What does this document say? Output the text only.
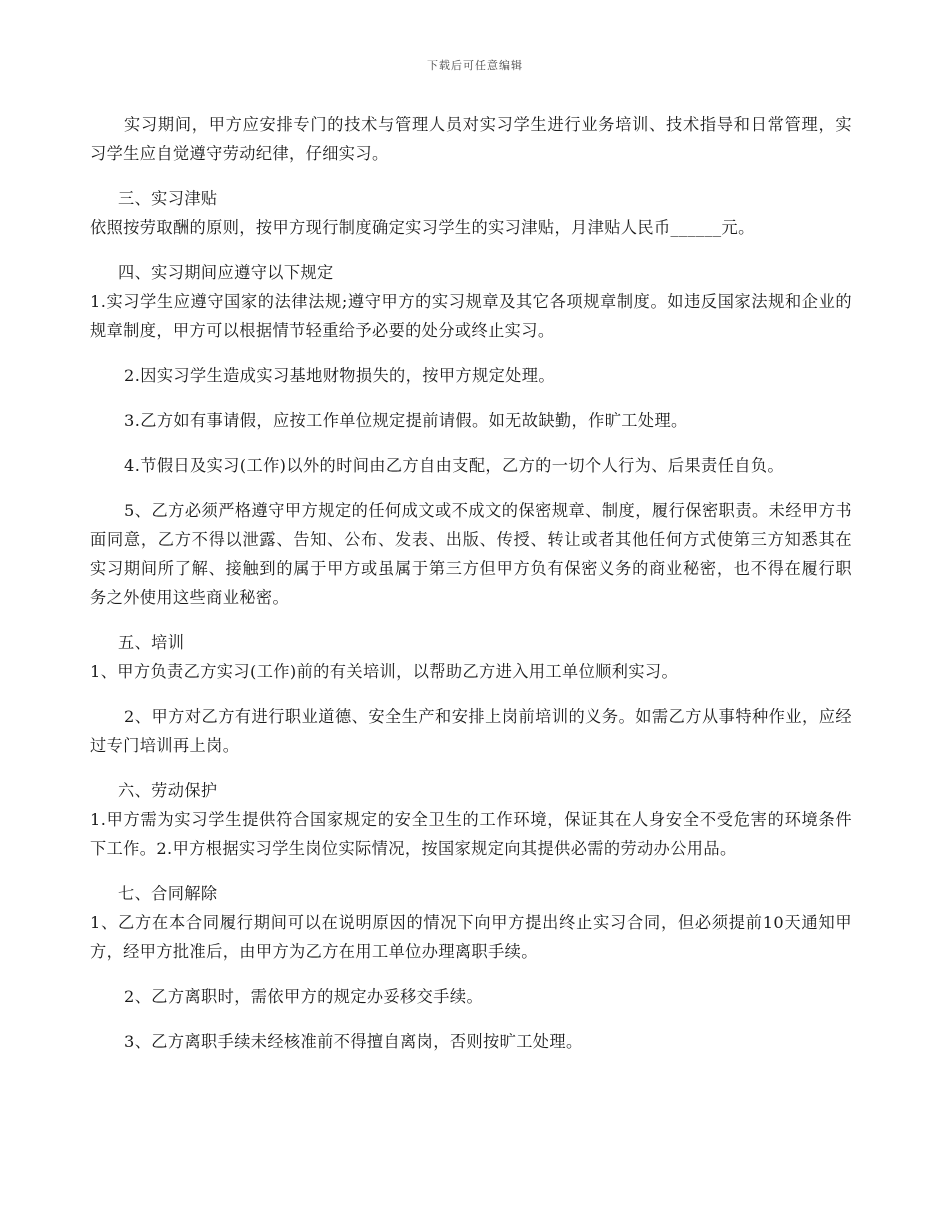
下载后可任意编辑

实习期间，甲方应安排专门的技术与管理人员对实习学生进行业务培训、技术指导和日常管理，实习学生应自觉遵守劳动纪律，仔细实习。

三、实习津贴

依照按劳取酬的原则，按甲方现行制度确定实习学生的实习津贴，月津贴人民币______元。

四、实习期间应遵守以下规定

1.实习学生应遵守国家的法律法规;遵守甲方的实习规章及其它各项规章制度。如违反国家法规和企业的规章制度，甲方可以根据情节轻重给予必要的处分或终止实习。

2.因实习学生造成实习基地财物损失的，按甲方规定处理。

3.乙方如有事请假，应按工作单位规定提前请假。如无故缺勤，作旷工处理。

4.节假日及实习(工作)以外的时间由乙方自由支配，乙方的一切个人行为、后果责任自负。

5、乙方必须严格遵守甲方规定的任何成文或不成文的保密规章、制度，履行保密职责。未经甲方书面同意，乙方不得以泄露、告知、公布、发表、出版、传授、转让或者其他任何方式使第三方知悉其在实习期间所了解、接触到的属于甲方或虽属于第三方但甲方负有保密义务的商业秘密，也不得在履行职务之外使用这些商业秘密。

五、培训

1、甲方负责乙方实习(工作)前的有关培训，以帮助乙方进入用工单位顺利实习。

2、甲方对乙方有进行职业道德、安全生产和安排上岗前培训的义务。如需乙方从事特种作业，应经过专门培训再上岗。

六、劳动保护

1.甲方需为实习学生提供符合国家规定的安全卫生的工作环境，保证其在人身安全不受危害的环境条件下工作。2.甲方根据实习学生岗位实际情况，按国家规定向其提供必需的劳动办公用品。

七、合同解除

1、乙方在本合同履行期间可以在说明原因的情况下向甲方提出终止实习合同，但必须提前10天通知甲方，经甲方批准后，由甲方为乙方在用工单位办理离职手续。

2、乙方离职时，需依甲方的规定办妥移交手续。

3、乙方离职手续未经核准前不得擅自离岗，否则按旷工处理。
